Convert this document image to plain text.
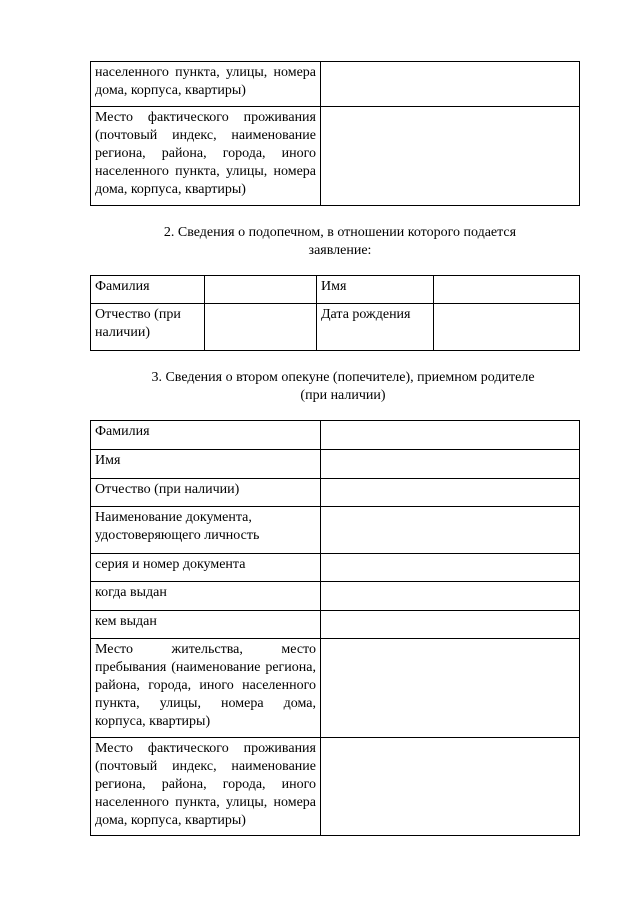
населенного пункта, улицы, номера дома, корпуса, квартиры)	
Место фактического проживания (почтовый индекс, наименование региона, района, города, иного населенного пункта, улицы, номера дома, корпуса, квартиры)	
2. Сведения о подопечном, в отношении которого подается
заявление:
Фамилия		Имя	
Отчество (при наличии)		Дата рождения	
3. Сведения о втором опекуне (попечителе), приемном родителе
(при наличии)
Фамилия	
Имя	
Отчество (при наличии)	
Наименование документа, удостоверяющего личность	
серия и номер документа	
когда выдан	
кем выдан	
Место жительства, место пребывания (наименование региона, района, города, иного населенного пункта, улицы, номера дома, корпуса, квартиры)	
Место фактического проживания (почтовый индекс, наименование региона, района, города, иного населенного пункта, улицы, номера дома, корпуса, квартиры)	
